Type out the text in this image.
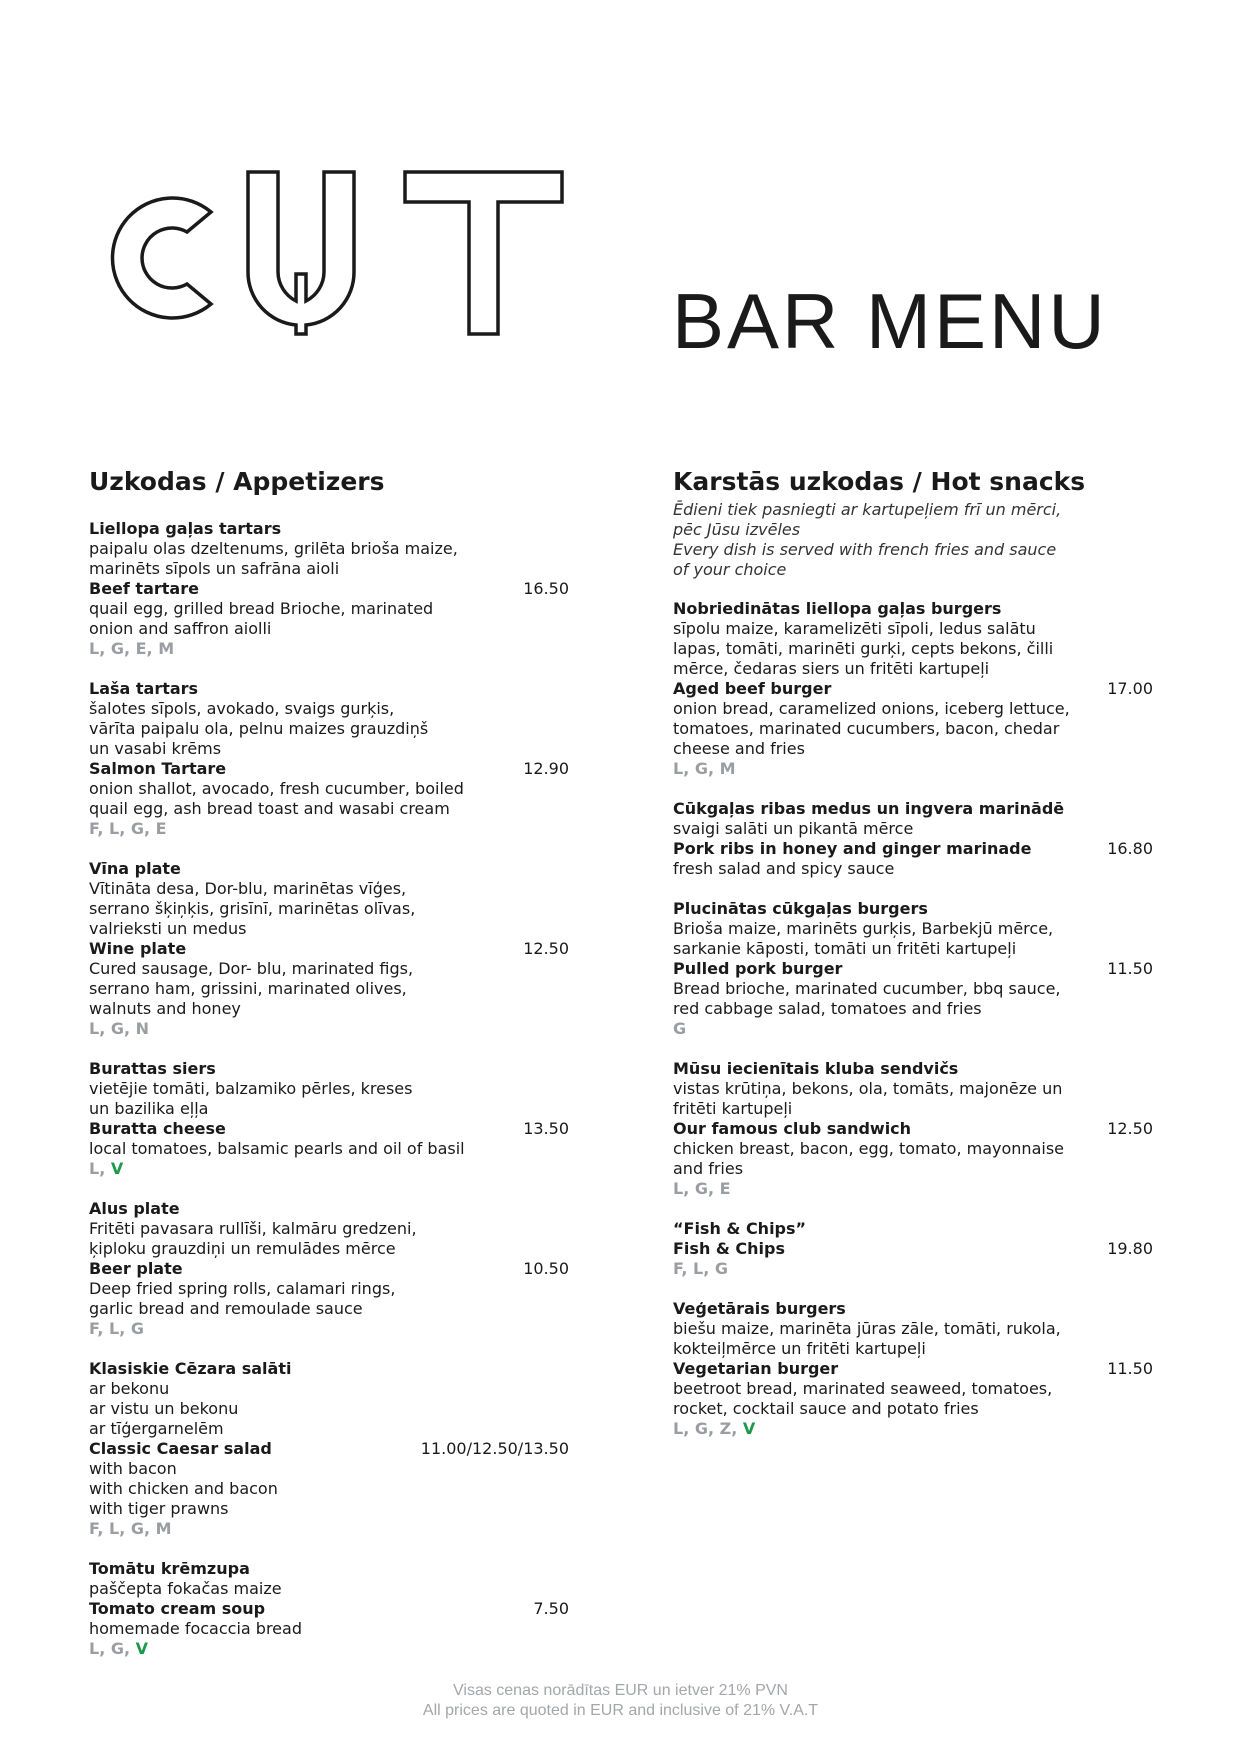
BAR MENU
Uzkodas / Appetizers
Liellopa gaļas tartars
paipalu olas dzeltenums, grilēta brioša maize,
marinēts sīpols un safrāna aioli
Beef tartare
quail egg, grilled bread Brioche, marinated
onion and saffron aiolli
L, G, E, M
16.50
Laša tartars
šalotes sīpols, avokado, svaigs gurķis,
vārīta paipalu ola, pelnu maizes grauzdiņš
un vasabi krēms
Salmon Tartare
onion shallot, avocado, fresh cucumber, boiled
quail egg, ash bread toast and wasabi cream
F, L, G, E
12.90
Vīna plate
Vītināta desa, Dor-blu, marinētas vīģes,
serrano šķiņķis, grisīnī, marinētas olīvas,
valrieksti un medus
Wine plate
Cured sausage, Dor- blu, marinated figs,
serrano ham, grissini, marinated olives,
walnuts and honey
L, G, N
12.50
Burattas siers
vietējie tomāti, balzamiko pērles, kreses
un bazilika eļļa
Buratta cheese
local tomatoes, balsamic pearls and oil of basil
L, V
13.50
Alus plate
Fritēti pavasara rullīši, kalmāru gredzeni,
ķiploku grauzdiņi un remulādes mērce
Beer plate
Deep fried spring rolls, calamari rings,
garlic bread and remoulade sauce
F, L, G
10.50
Klasiskie Cēzara salāti
ar bekonu
ar vistu un bekonu
ar tīģergarnelēm
Classic Caesar salad
with bacon
with chicken and bacon
with tiger prawns
F, L, G, M
11.00/12.50/13.50
Tomātu krēmzupa
paščepta fokačas maize
Tomato cream soup
homemade focaccia bread
L, G, V
7.50
Karstās uzkodas / Hot snacks
Ēdieni tiek pasniegti ar kartupeļiem frī un mērci,
pēc Jūsu izvēles
Every dish is served with french fries and sauce
of your choice
Nobriedinātas liellopa gaļas burgers
sīpolu maize, karamelizēti sīpoli, ledus salātu
lapas, tomāti, marinēti gurķi, cepts bekons, čilli
mērce, čedaras siers un fritēti kartupeļi
Aged beef burger
onion bread, caramelized onions, iceberg lettuce,
tomatoes, marinated cucumbers, bacon, chedar
cheese and fries
L, G, M
17.00
Cūkgaļas ribas medus un ingvera marinādē
svaigi salāti un pikantā mērce
Pork ribs in honey and ginger marinade
fresh salad and spicy sauce
16.80
Plucinātas cūkgaļas burgers
Brioša maize, marinēts gurķis, Barbekjū mērce,
sarkanie kāposti, tomāti un fritēti kartupeļi
Pulled pork burger
Bread brioche, marinated cucumber, bbq sauce,
red cabbage salad, tomatoes and fries
G
11.50
Mūsu iecienītais kluba sendvičs
vistas krūtiņa, bekons, ola, tomāts, majonēze un
fritēti kartupeļi
Our famous club sandwich
chicken breast, bacon, egg, tomato, mayonnaise
and fries
L, G, E
12.50
“Fish & Chips”
Fish & Chips
F, L, G
19.80
Veģetārais burgers
biešu maize, marinēta jūras zāle, tomāti, rukola,
kokteiļmērce un fritēti kartupeļi
Vegetarian burger
beetroot bread, marinated seaweed, tomatoes,
rocket, cocktail sauce and potato fries
L, G, Z, V
11.50
Visas cenas norādītas EUR un ietver 21% PVN
All prices are quoted in EUR and inclusive of 21% V.A.T
